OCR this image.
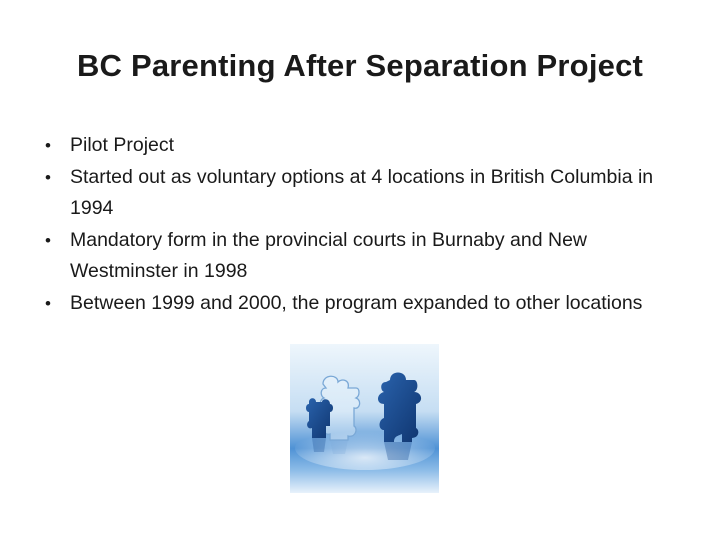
BC Parenting After Separation Project
• Pilot Project
• Started out as voluntary options at 4 locations in British Columbia in 1994
• Mandatory form in the provincial courts in Burnaby and New Westminster in 1998
• Between 1999 and 2000, the program expanded to other locations
